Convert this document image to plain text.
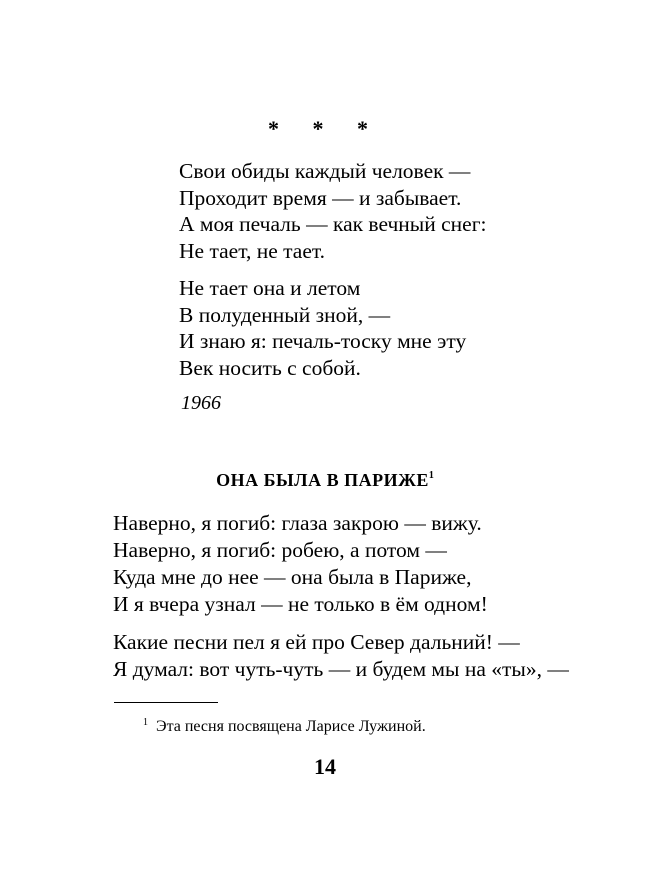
* * *
Свои обиды каждый человек —
Проходит время — и забывает.
А моя печаль — как вечный снег:
Не тает, не тает.
Не тает она и летом
В полуденный зной, —
И знаю я: печаль-тоску мне эту
Век носить с собой.
1966
ОНА БЫЛА В ПАРИЖЕ$^1$
Наверно, я погиб: глаза закрою — вижу.
Наверно, я погиб: робею, а потом —
Куда мне до нее — она была в Париже,
И я вчера узнал — не только в ём одном!
Какие песни пел я ей про Север дальний! —
Я думал: вот чуть-чуть — и будем мы на «ты», —
$^1$ Эта песня посвящена Ларисе Лужиной.
14
